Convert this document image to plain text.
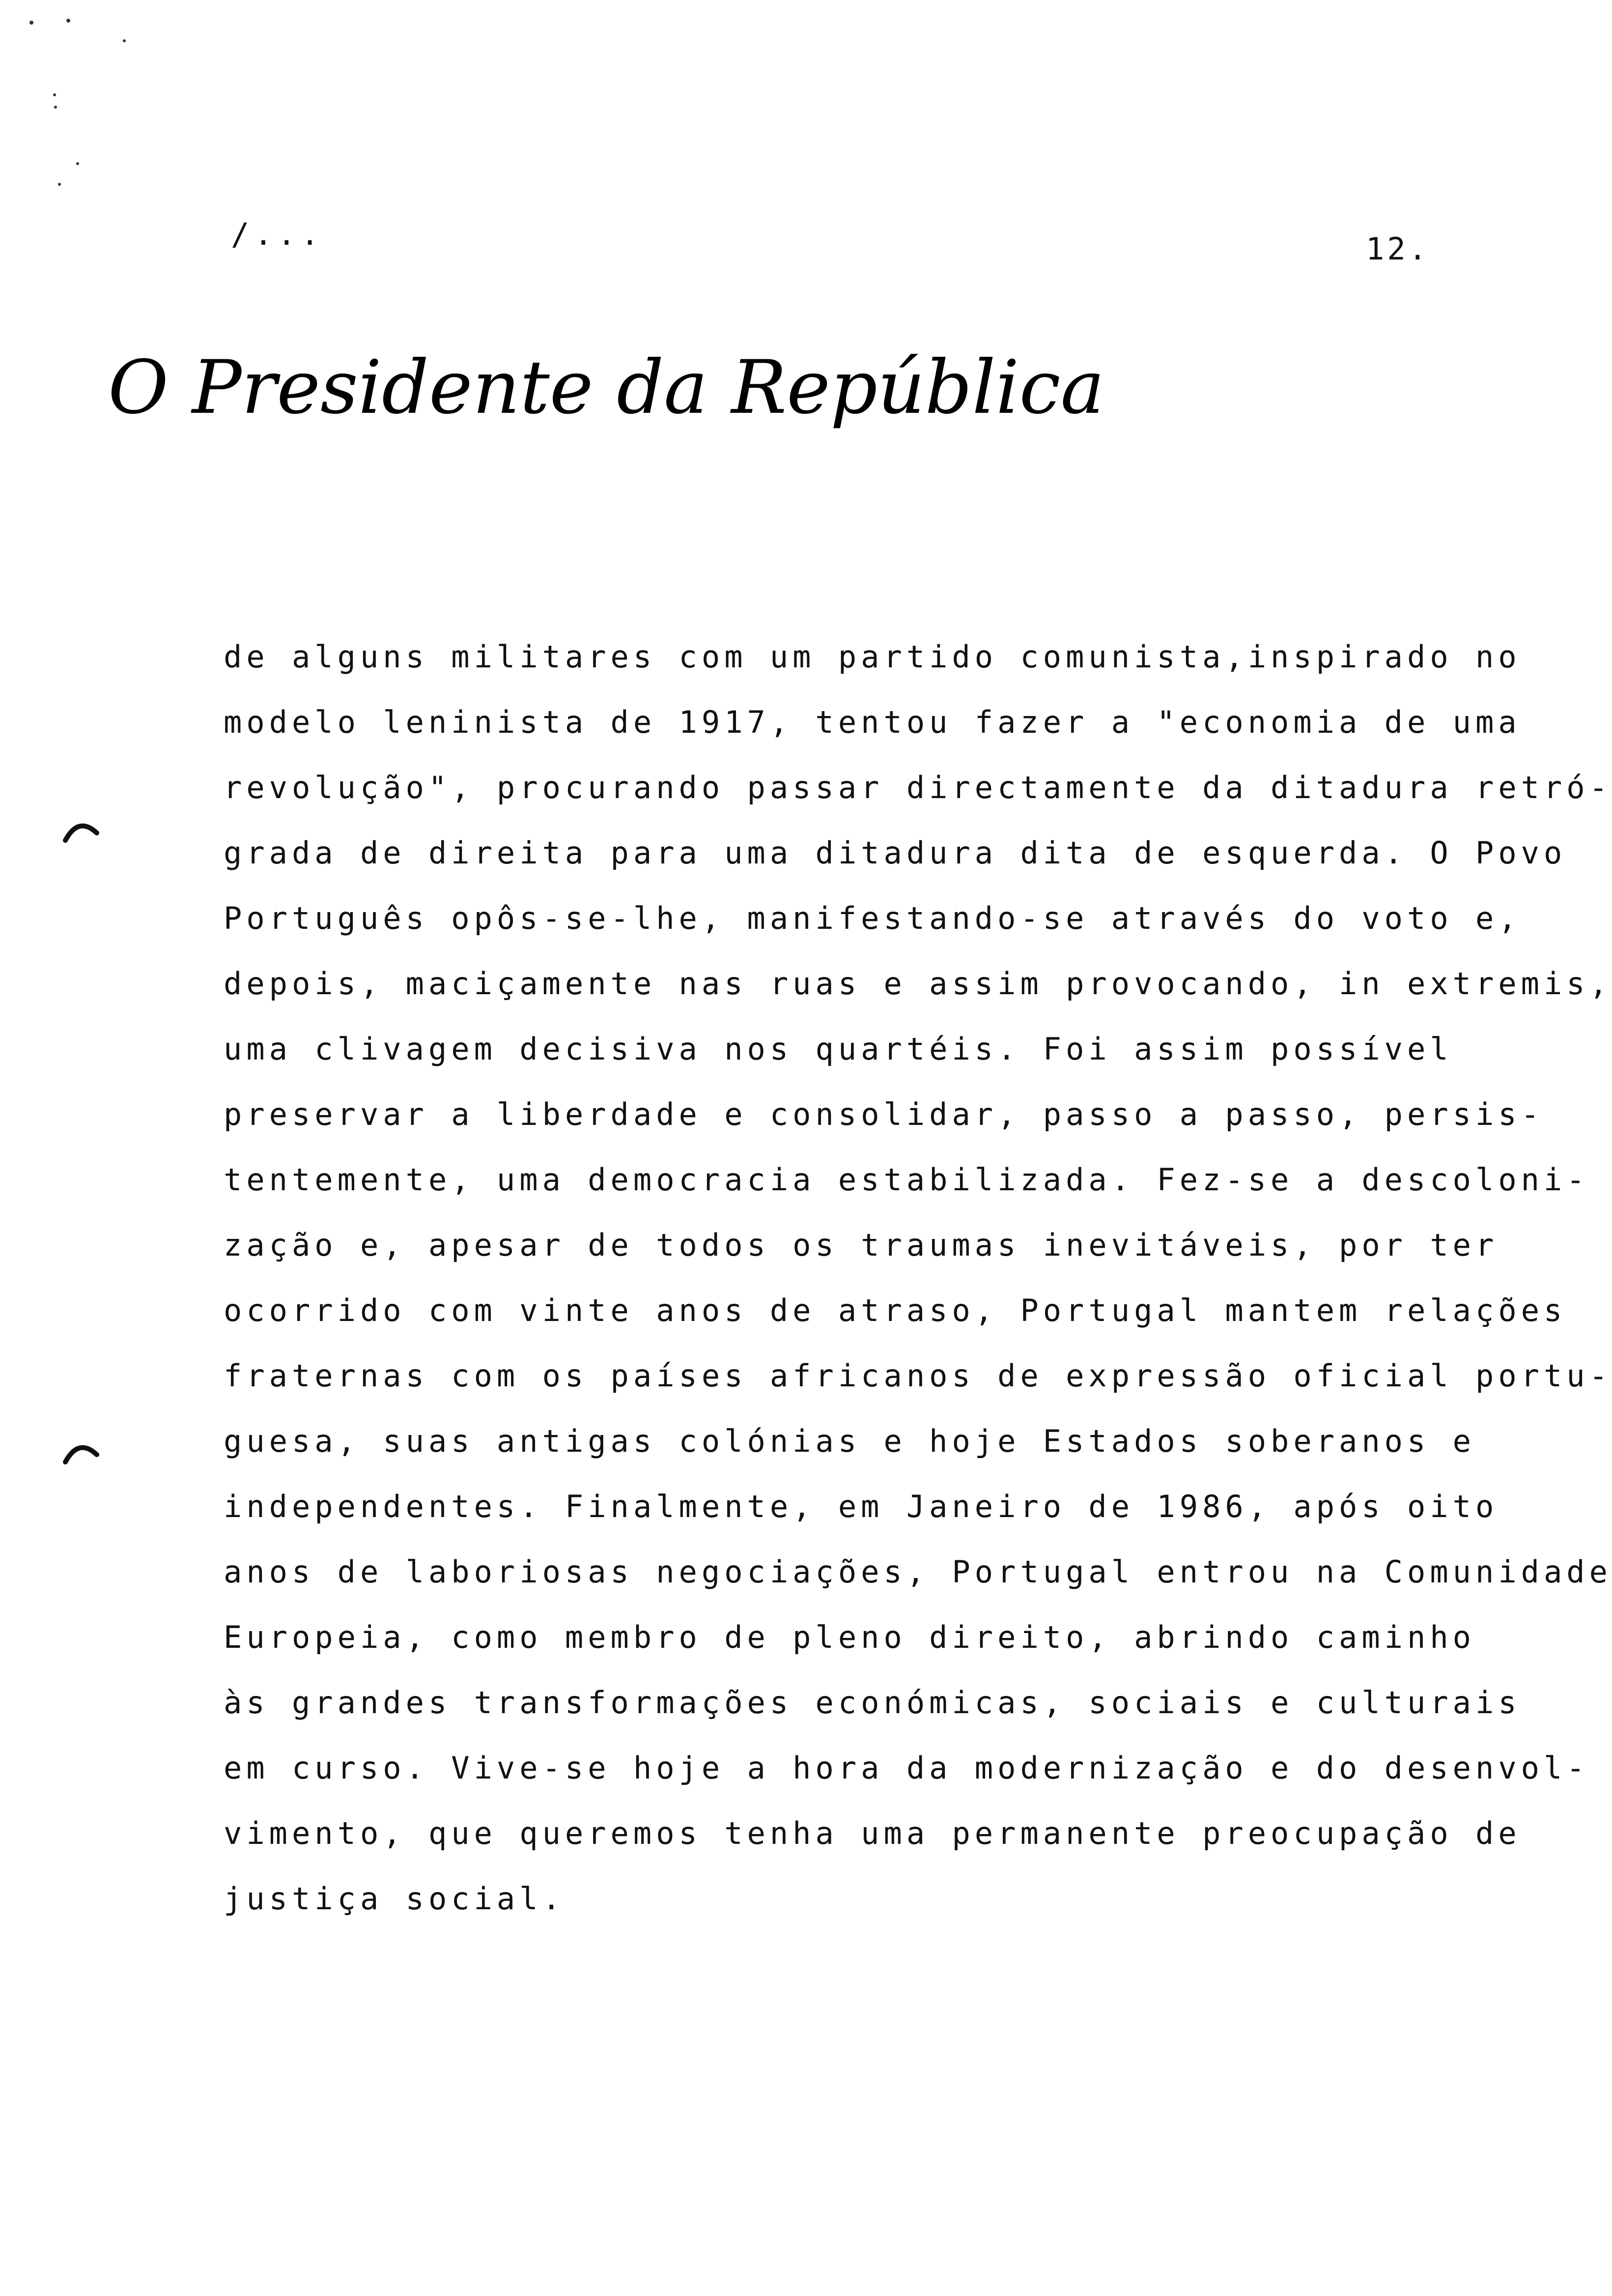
/...	12.
O Presidente da República
de alguns militares com um partido comunista,inspirado no
modelo leninista de 1917, tentou fazer a "economia de uma
revolução", procurando passar directamente da ditadura retró-
grada de direita para uma ditadura dita de esquerda. O Povo
Português opôs-se-lhe, manifestando-se através do voto e,
depois, maciçamente nas ruas e assim provocando, in extremis,
uma clivagem decisiva nos quartéis. Foi assim possível
preservar a liberdade e consolidar, passo a passo, persis-
tentemente, uma democracia estabilizada. Fez-se a descoloni-
zação e, apesar de todos os traumas inevitáveis, por ter
ocorrido com vinte anos de atraso, Portugal mantem relações
fraternas com os países africanos de expressão oficial portu-
guesa, suas antigas colónias e hoje Estados soberanos e
independentes. Finalmente, em Janeiro de 1986, após oito
anos de laboriosas negociações, Portugal entrou na Comunidade
Europeia, como membro de pleno direito, abrindo caminho
às grandes transformações económicas, sociais e culturais
em curso. Vive-se hoje a hora da modernização e do desenvol-
vimento, que queremos tenha uma permanente preocupação de
justiça social.
